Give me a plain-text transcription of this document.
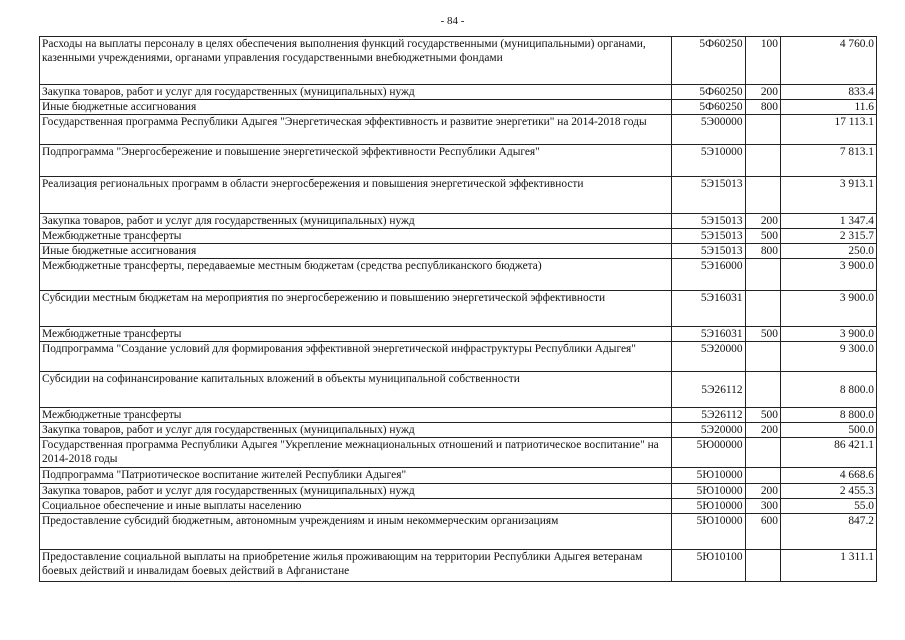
- 84 -
Расходы на выплаты персоналу в целях обеспечения выполнения функций государственными (муниципальными) органами, казенными учреждениями, органами управления государственными внебюджетными фондами	5Ф60250	100	4 760.0
Закупка товаров, работ и услуг для государственных (муниципальных) нужд	5Ф60250	200	833.4
Иные бюджетные ассигнования	5Ф60250	800	11.6
Государственная программа Республики Адыгея "Энергетическая эффективность и развитие энергетики" на 2014-2018 годы	5Э00000		17 113.1
Подпрограмма "Энергосбережение и повышение энергетической эффективности Республики Адыгея"	5Э10000		7 813.1
Реализация региональных программ в области энергосбережения и повышения энергетической эффективности	5Э15013		3 913.1
Закупка товаров, работ и услуг для государственных (муниципальных) нужд	5Э15013	200	1 347.4
Межбюджетные трансферты	5Э15013	500	2 315.7
Иные бюджетные ассигнования	5Э15013	800	250.0
Межбюджетные трансферты, передаваемые местным бюджетам (средства республиканского бюджета)	5Э16000		3 900.0
Субсидии местным бюджетам на мероприятия по энергосбережению и повышению энергетической эффективности	5Э16031		3 900.0
Межбюджетные трансферты	5Э16031	500	3 900.0
Подпрограмма "Создание условий для формирования эффективной энергетической инфраструктуры Республики Адыгея"	5Э20000		9 300.0
Субсидии на софинансирование капитальных вложений в объекты муниципальной собственности	5Э26112		8 800.0
Межбюджетные трансферты	5Э26112	500	8 800.0
Закупка товаров, работ и услуг для государственных (муниципальных) нужд	5Э20000	200	500.0
Государственная программа Республики Адыгея "Укрепление межнациональных отношений и патриотическое воспитание" на 2014-2018 годы	5Ю00000		86 421.1
Подпрограмма "Патриотическое воспитание жителей Республики Адыгея"	5Ю10000		4 668.6
Закупка товаров, работ и услуг для государственных (муниципальных) нужд	5Ю10000	200	2 455.3
Социальное обеспечение и иные выплаты населению	5Ю10000	300	55.0
Предоставление субсидий бюджетным, автономным учреждениям и иным некоммерческим организациям	5Ю10000	600	847.2
Предоставление социальной выплаты на приобретение жилья проживающим на территории Республики Адыгея ветеранам боевых действий и инвалидам боевых действий в Афганистане	5Ю10100		1 311.1
